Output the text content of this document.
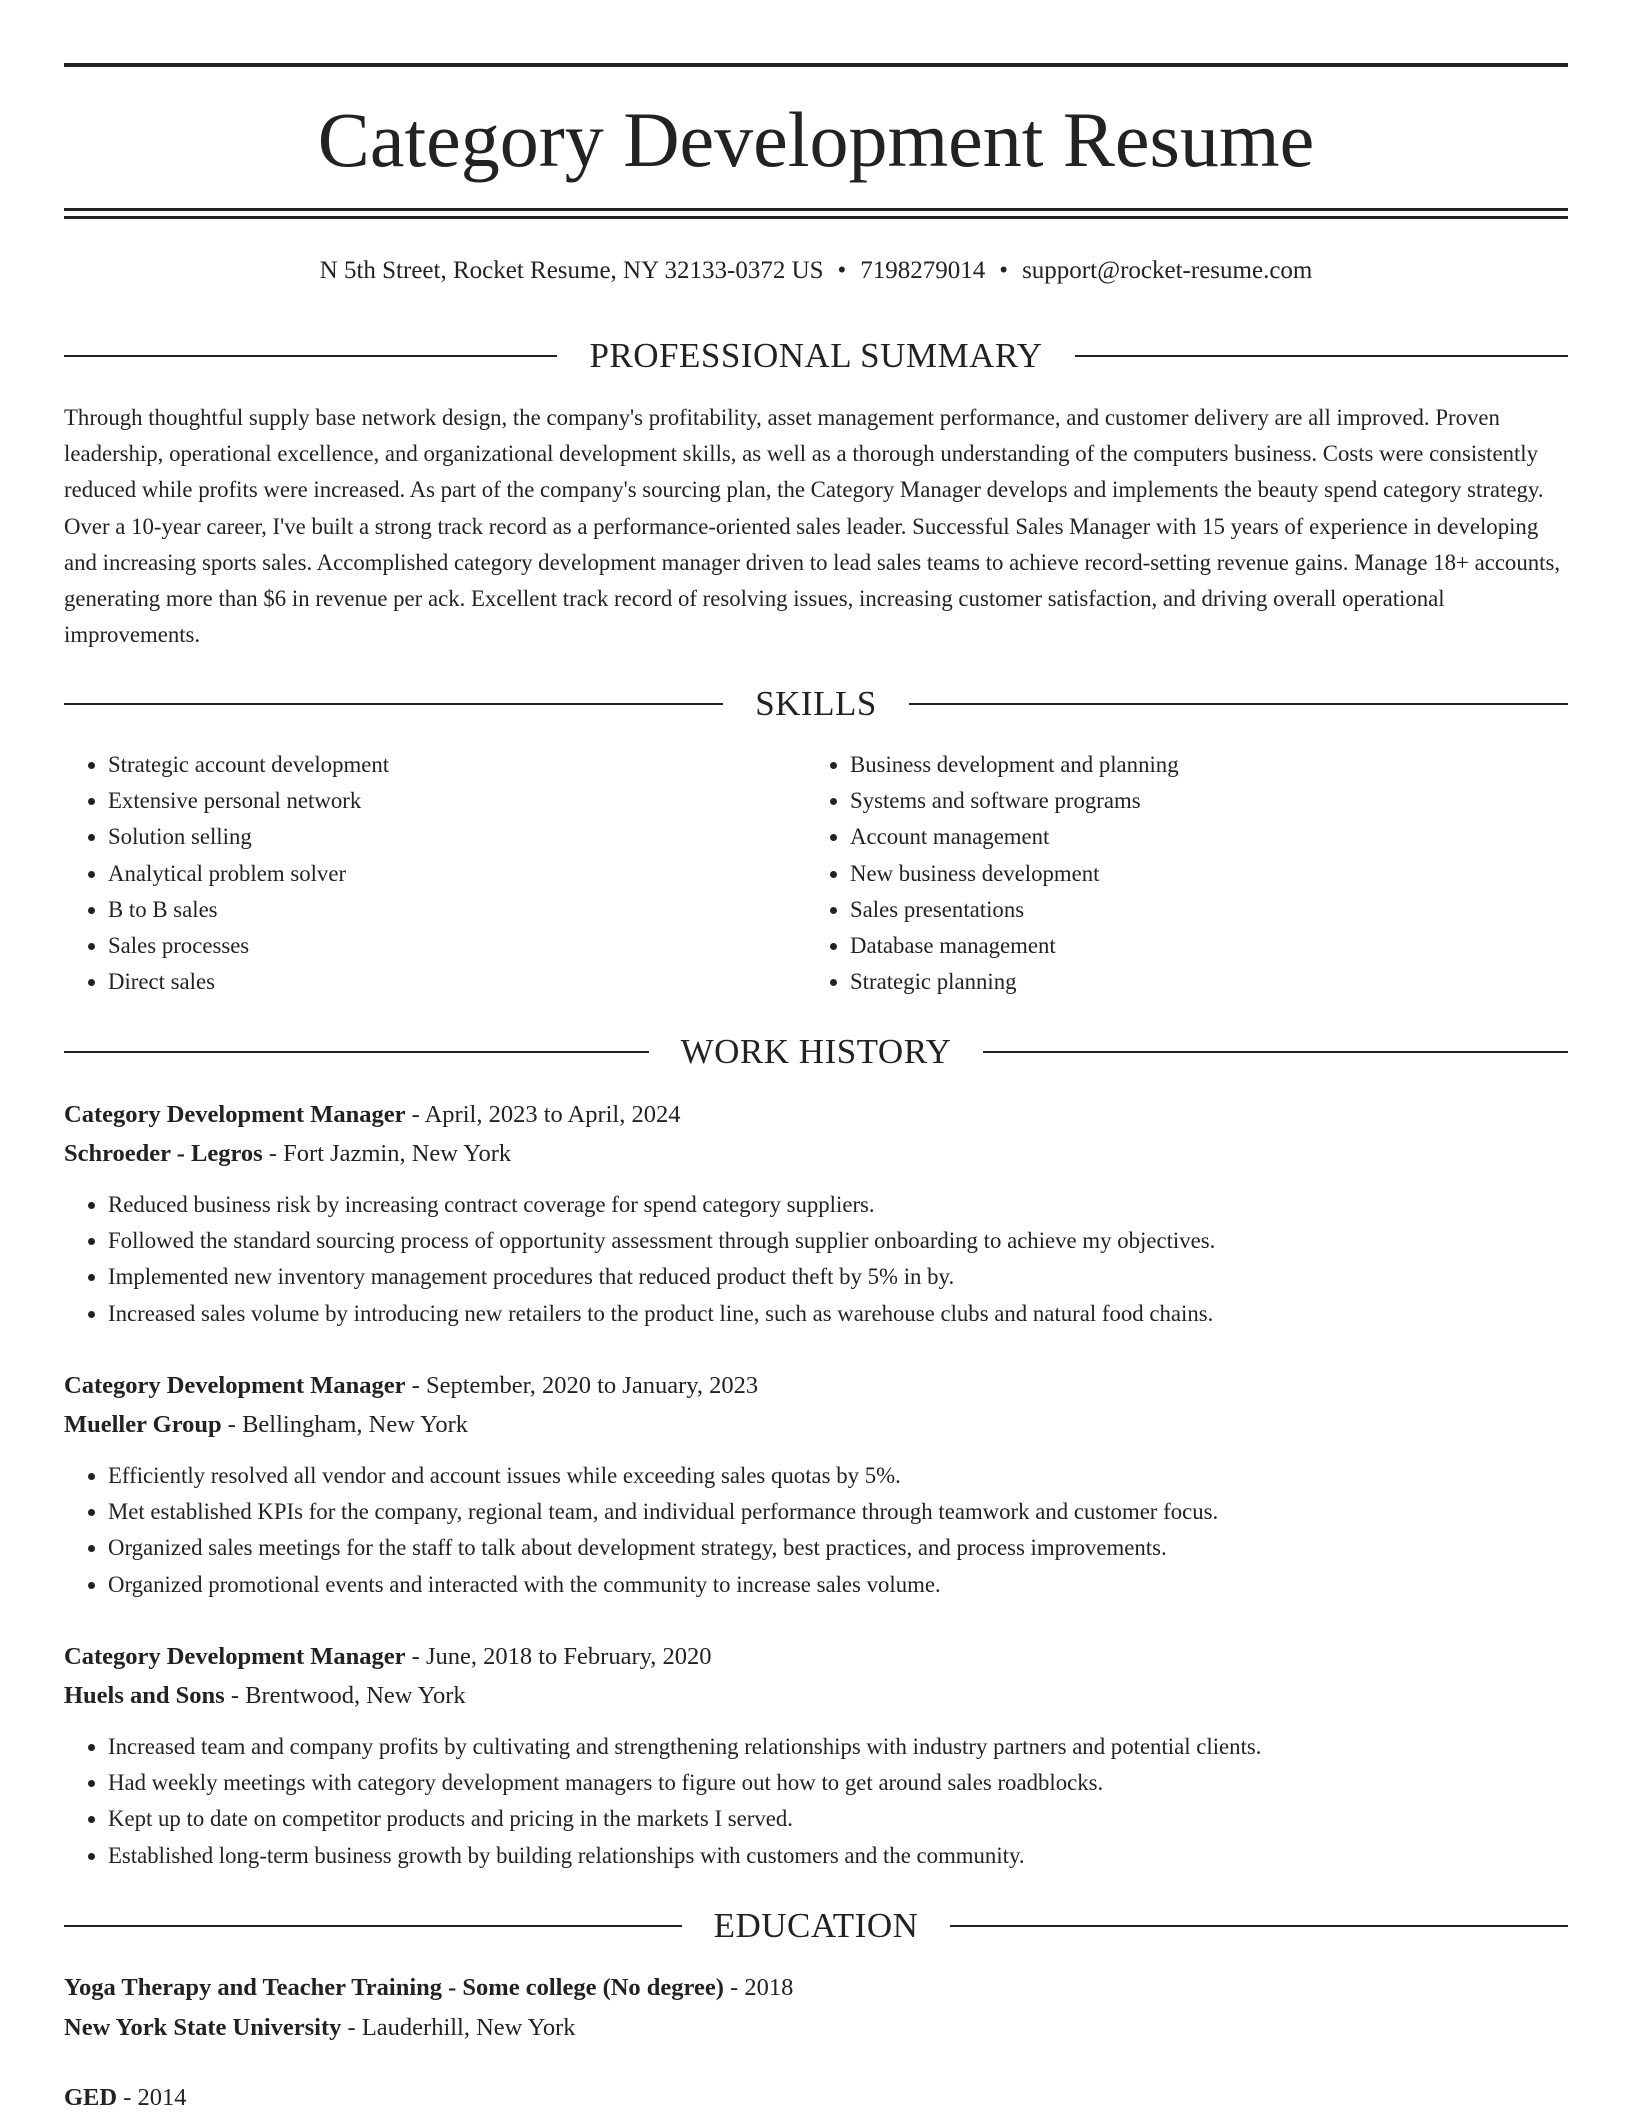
Category Development Resume
N 5th Street, Rocket Resume, NY 32133-0372 US • 7198279014 • support@rocket-resume.com
PROFESSIONAL SUMMARY

Through thoughtful supply base network design, the company's profitability, asset management performance, and customer delivery are all improved. Proven leadership, operational excellence, and organizational development skills, as well as a thorough understanding of the computers business. Costs were consistently reduced while profits were increased. As part of the company's sourcing plan, the Category Manager develops and implements the beauty spend category strategy. Over a 10-year career, I've built a strong track record as a performance-oriented sales leader. Successful Sales Manager with 15 years of experience in developing and increasing sports sales. Accomplished category development manager driven to lead sales teams to achieve record-setting revenue gains. Manage 18+ accounts, generating more than $6 in revenue per ack. Excellent track record of resolving issues, increasing customer satisfaction, and driving overall operational improvements.

SKILLS
• Strategic account development
• Extensive personal network
• Solution selling
• Analytical problem solver
• B to B sales
• Sales processes
• Direct sales
• Business development and planning
• Systems and software programs
• Account management
• New business development
• Sales presentations
• Database management
• Strategic planning
WORK HISTORY

Category Development Manager - April, 2023 to April, 2024

Schroeder - Legros - Fort Jazmin, New York

• Reduced business risk by increasing contract coverage for spend category suppliers.
• Followed the standard sourcing process of opportunity assessment through supplier onboarding to achieve my objectives.
• Implemented new inventory management procedures that reduced product theft by 5% in by.
• Increased sales volume by introducing new retailers to the product line, such as warehouse clubs and natural food chains.

Category Development Manager - September, 2020 to January, 2023

Mueller Group - Bellingham, New York

• Efficiently resolved all vendor and account issues while exceeding sales quotas by 5%.
• Met established KPIs for the company, regional team, and individual performance through teamwork and customer focus.
• Organized sales meetings for the staff to talk about development strategy, best practices, and process improvements.
• Organized promotional events and interacted with the community to increase sales volume.

Category Development Manager - June, 2018 to February, 2020

Huels and Sons - Brentwood, New York

• Increased team and company profits by cultivating and strengthening relationships with industry partners and potential clients.
• Had weekly meetings with category development managers to figure out how to get around sales roadblocks.
• Kept up to date on competitor products and pricing in the markets I served.
• Established long-term business growth by building relationships with customers and the community.
EDUCATION

Yoga Therapy and Teacher Training - Some college (No degree) - 2018

New York State University - Lauderhill, New York

GED - 2014
